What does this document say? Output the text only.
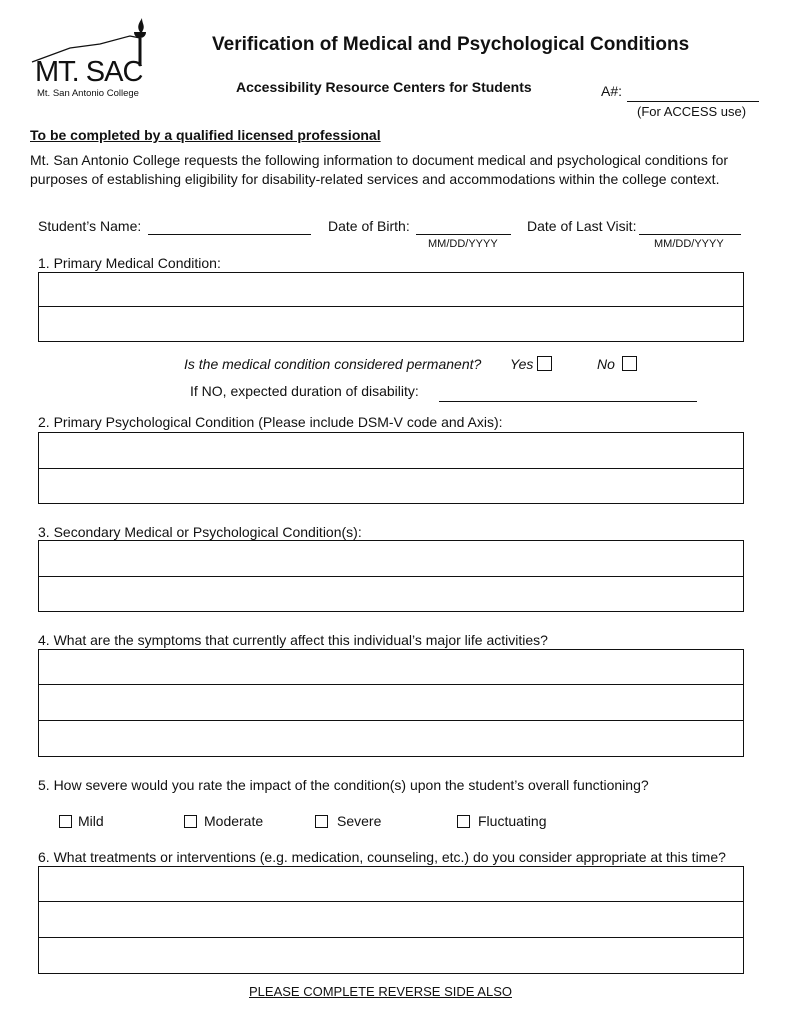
MT. SAC
Mt. San Antonio College
Verification of Medical and Psychological Conditions
Accessibility Resource Centers for Students	A#:
(For ACCESS use)
To be completed by a qualified licensed professional
Mt. San Antonio College requests the following information to document medical and psychological conditions for purposes of establishing eligibility for disability-related services and accommodations within the college context.
Student’s Name:	Date of Birth:
MM/DD/YYYY
Date of Last Visit:
MM/DD/YYYY
1. Primary Medical Condition:
Is the medical condition considered permanent? Yes	No
If NO, expected duration of disability:
2. Primary Psychological Condition (Please include DSM-V code and Axis):
3. Secondary Medical or Psychological Condition(s):
4. What are the symptoms that currently affect this individual’s major life activities?
5. How severe would you rate the impact of the condition(s) upon the student’s overall functioning?
Mild	Moderate	Severe	Fluctuating
6. What treatments or interventions (e.g. medication, counseling, etc.) do you consider appropriate at this time?
PLEASE COMPLETE REVERSE SIDE ALSO
